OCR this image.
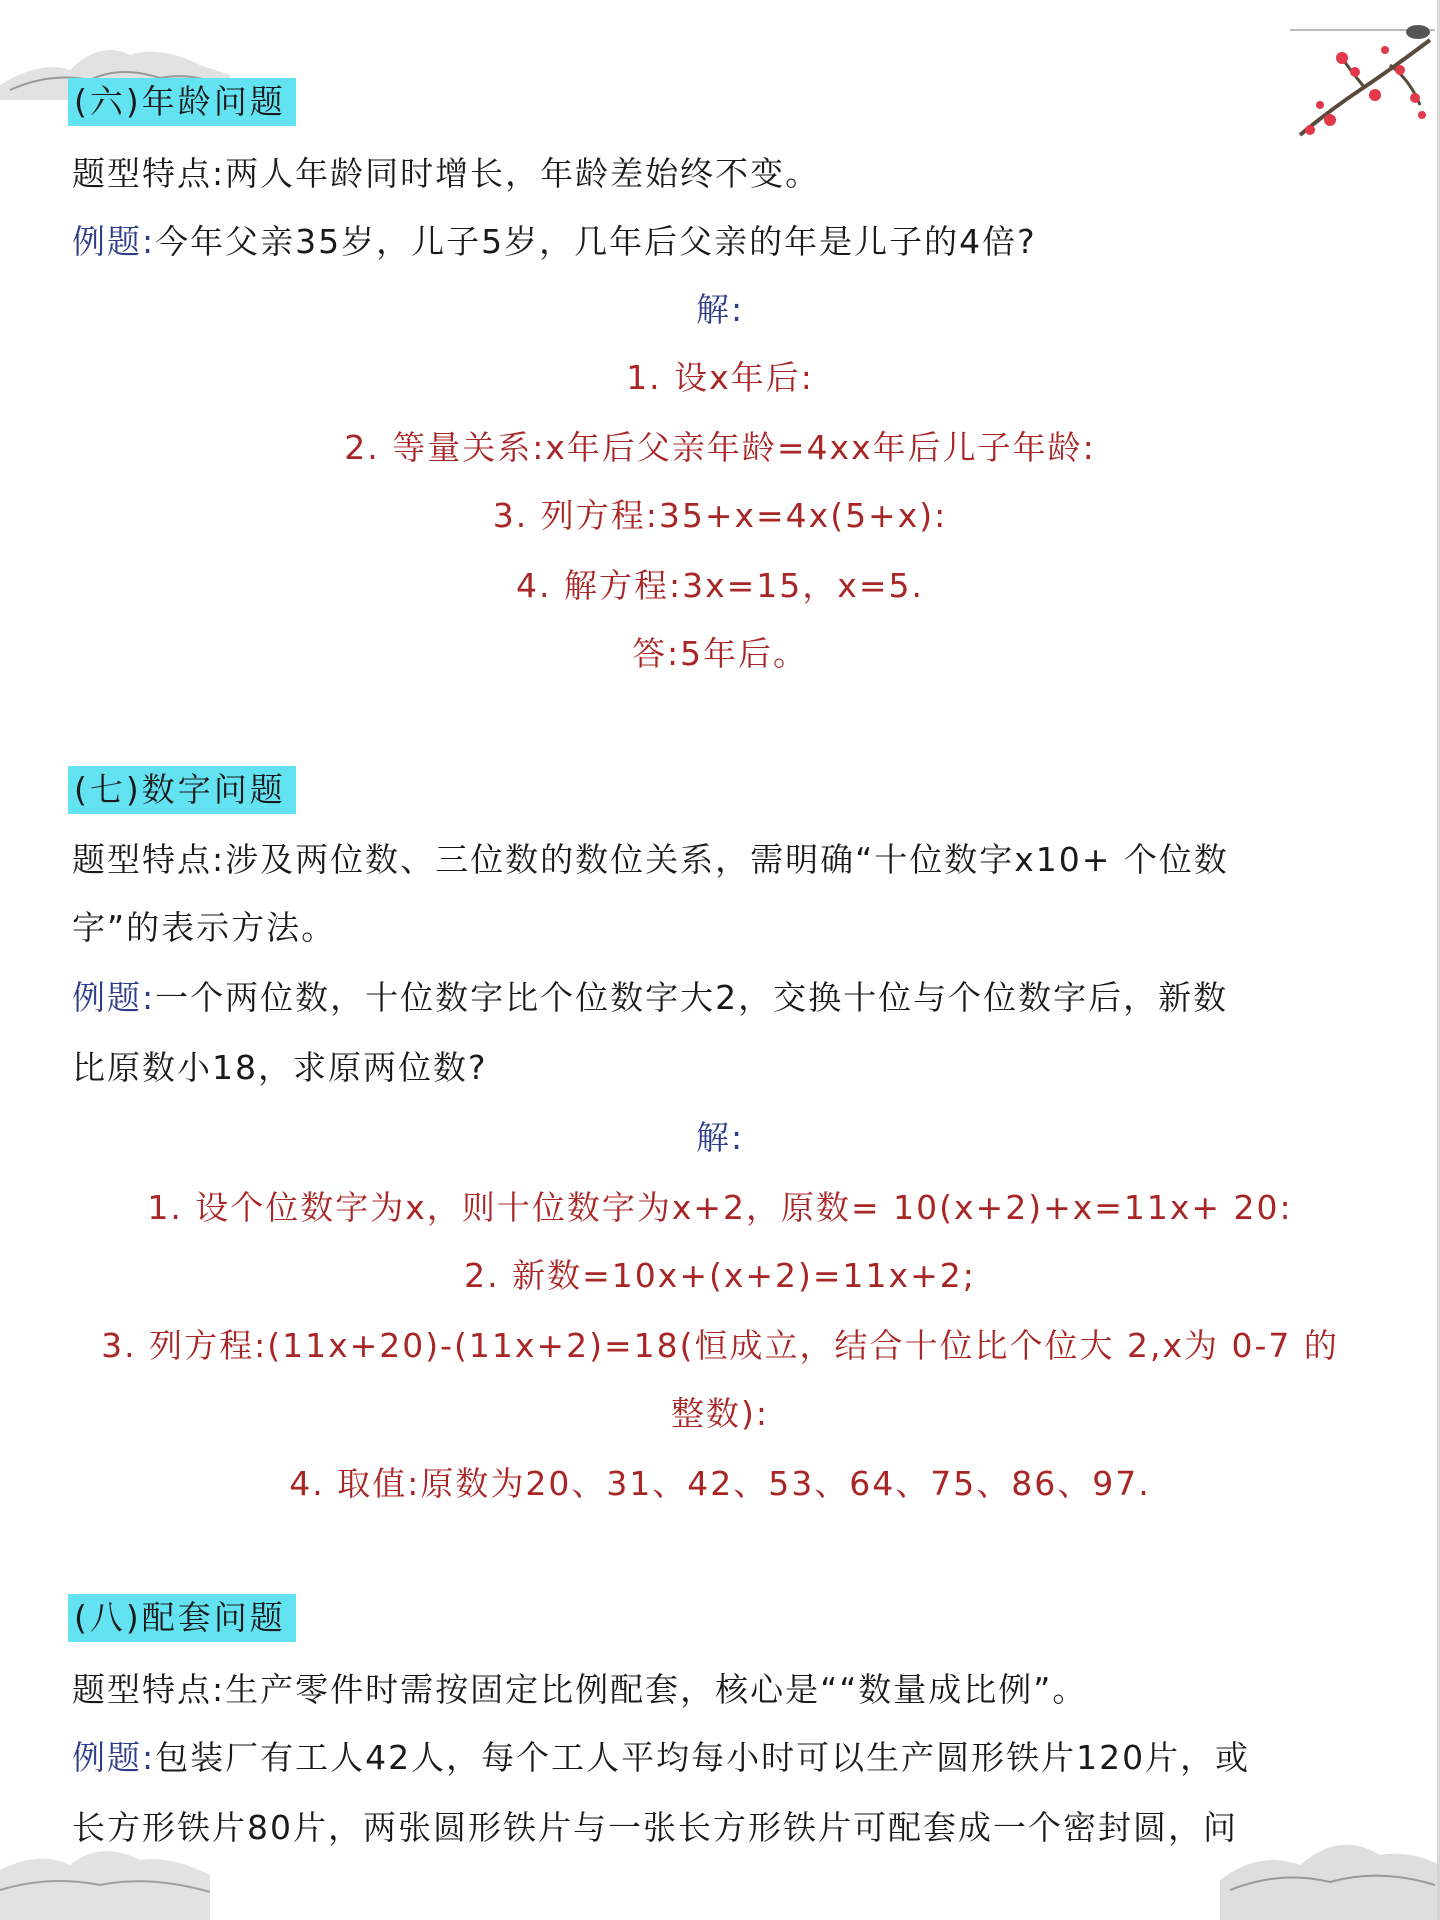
(六)年龄问题
题型特点:两人年龄同时增长，年龄差始终不变。
例题:今年父亲35岁，儿子5岁，几年后父亲的年是儿子的4倍?
解:
1. 设x年后:
2. 等量关系:x年后父亲年龄=4xx年后儿子年龄:
3. 列方程:35+x=4x(5+x):
4. 解方程:3x=15，x=5.
答:5年后。
(七)数字问题
题型特点:涉及两位数、三位数的数位关系，需明确“十位数字x10+ 个位数
字”的表示方法。
例题:一个两位数，十位数字比个位数字大2，交换十位与个位数字后，新数
比原数小18，求原两位数?
解:
1. 设个位数字为x，则十位数字为x+2，原数= 10(x+2)+x=11x+ 20:
2. 新数=10x+(x+2)=11x+2;
3. 列方程:(11x+20)-(11x+2)=18(恒成立，结合十位比个位大 2,x为 0-7 的
整数):
4. 取值:原数为20、31、42、53、64、75、86、97.
(八)配套问题
题型特点:生产零件时需按固定比例配套，核心是““数量成比例”。
例题:包装厂有工人42人，每个工人平均每小时可以生产圆形铁片120片，或
长方形铁片80片，两张圆形铁片与一张长方形铁片可配套成一个密封圆，问
